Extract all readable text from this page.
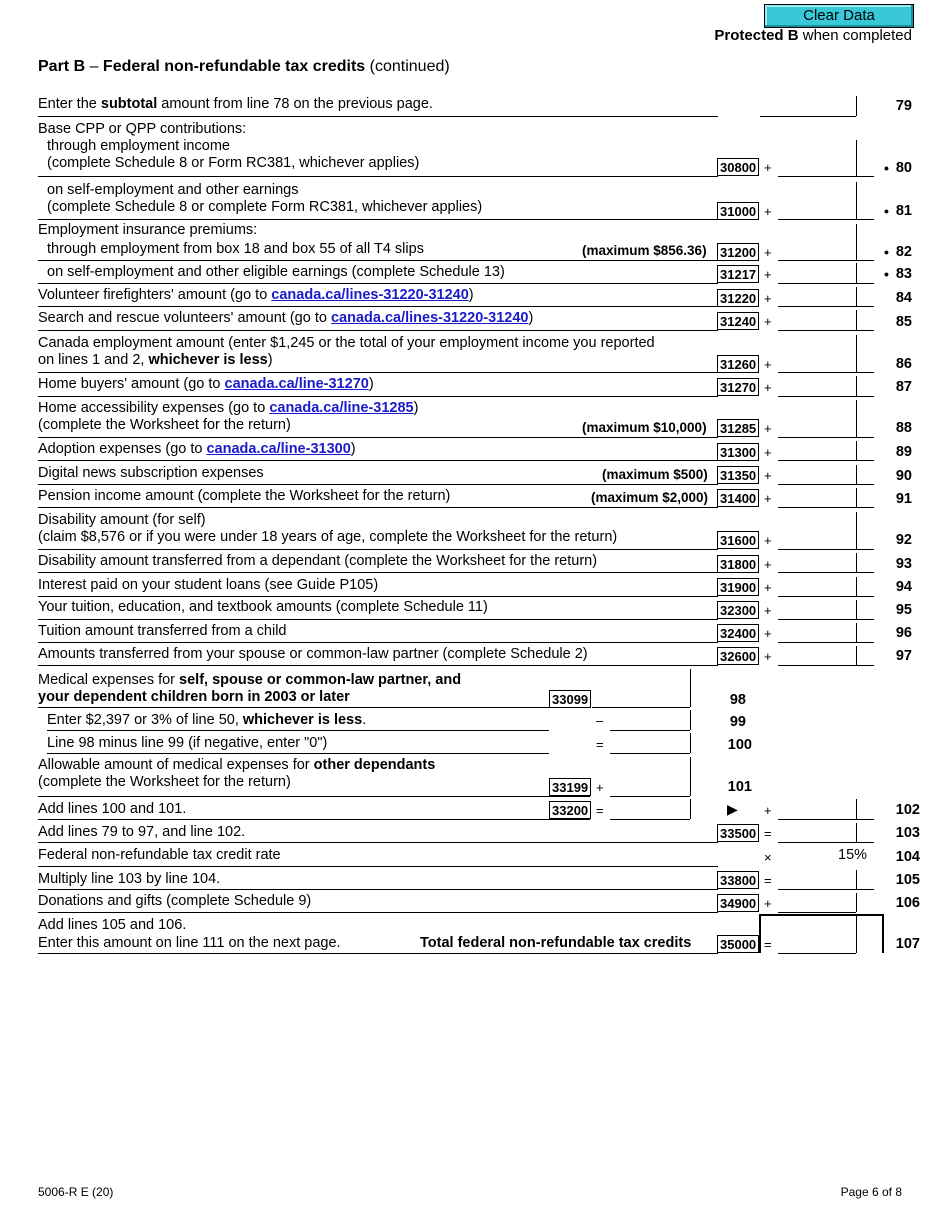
Clear Data
Protected B when completed
Part B – Federal non-refundable tax credits (continued)
Enter the subtotal amount from line 78 on the previous page.	79
Base CPP or QPP contributions:
through employment income
(complete Schedule 8 or Form RC381, whichever applies)	30800 +	• 80
on self-employment and other earnings
(complete Schedule 8 or complete Form RC381, whichever applies)	31000 +	• 81
Employment insurance premiums:
through employment from box 18 and box 55 of all T4 slips	(maximum $856.36) 31200 +	• 82
on self-employment and other eligible earnings (complete Schedule 13)	31217 +	• 83
Volunteer firefighters' amount (go to canada.ca/lines-31220-31240)	31220 +	84
Search and rescue volunteers' amount (go to canada.ca/lines-31220-31240)	31240 +	85
Canada employment amount (enter $1,245 or the total of your employment income you reported
on lines 1 and 2, whichever is less)	31260 +	86
Home buyers' amount (go to canada.ca/line-31270)	31270 +	87
Home accessibility expenses (go to canada.ca/line-31285)
(complete the Worksheet for the return)	(maximum $10,000) 31285 +	88
Adoption expenses (go to canada.ca/line-31300)	31300 +	89
Digital news subscription expenses	(maximum $500) 31350 +	90
Pension income amount (complete the Worksheet for the return)	(maximum $2,000) 31400 +	91
Disability amount (for self)
(claim $8,576 or if you were under 18 years of age, complete the Worksheet for the return)	31600 +	92
Disability amount transferred from a dependant (complete the Worksheet for the return)	31800 +	93
Interest paid on your student loans (see Guide P105)	31900 +	94
Your tuition, education, and textbook amounts (complete Schedule 11)	32300 +	95
Tuition amount transferred from a child	32400 +	96
Amounts transferred from your spouse or common-law partner (complete Schedule 2)	32600 +	97
Medical expenses for self, spouse or common-law partner, and
your dependent children born in 2003 or later	33099	98
Enter $2,397 or 3% of line 50, whichever is less.	–	99
Line 98 minus line 99 (if negative, enter "0")	=	100
Allowable amount of medical expenses for other dependants
(complete the Worksheet for the return)	33199 +	101
Add lines 100 and 101.	33200 =	▶ +	102
Add lines 79 to 97, and line 102.	33500 =	103
Federal non-refundable tax credit rate	×	15%	104
Multiply line 103 by line 104.	33800 =	105
Donations and gifts (complete Schedule 9)	34900 +	106
Add lines 105 and 106.
Enter this amount on line 111 on the next page.	Total federal non-refundable tax credits 35000 =	107
5006-R E (20)	Page 6 of 8
